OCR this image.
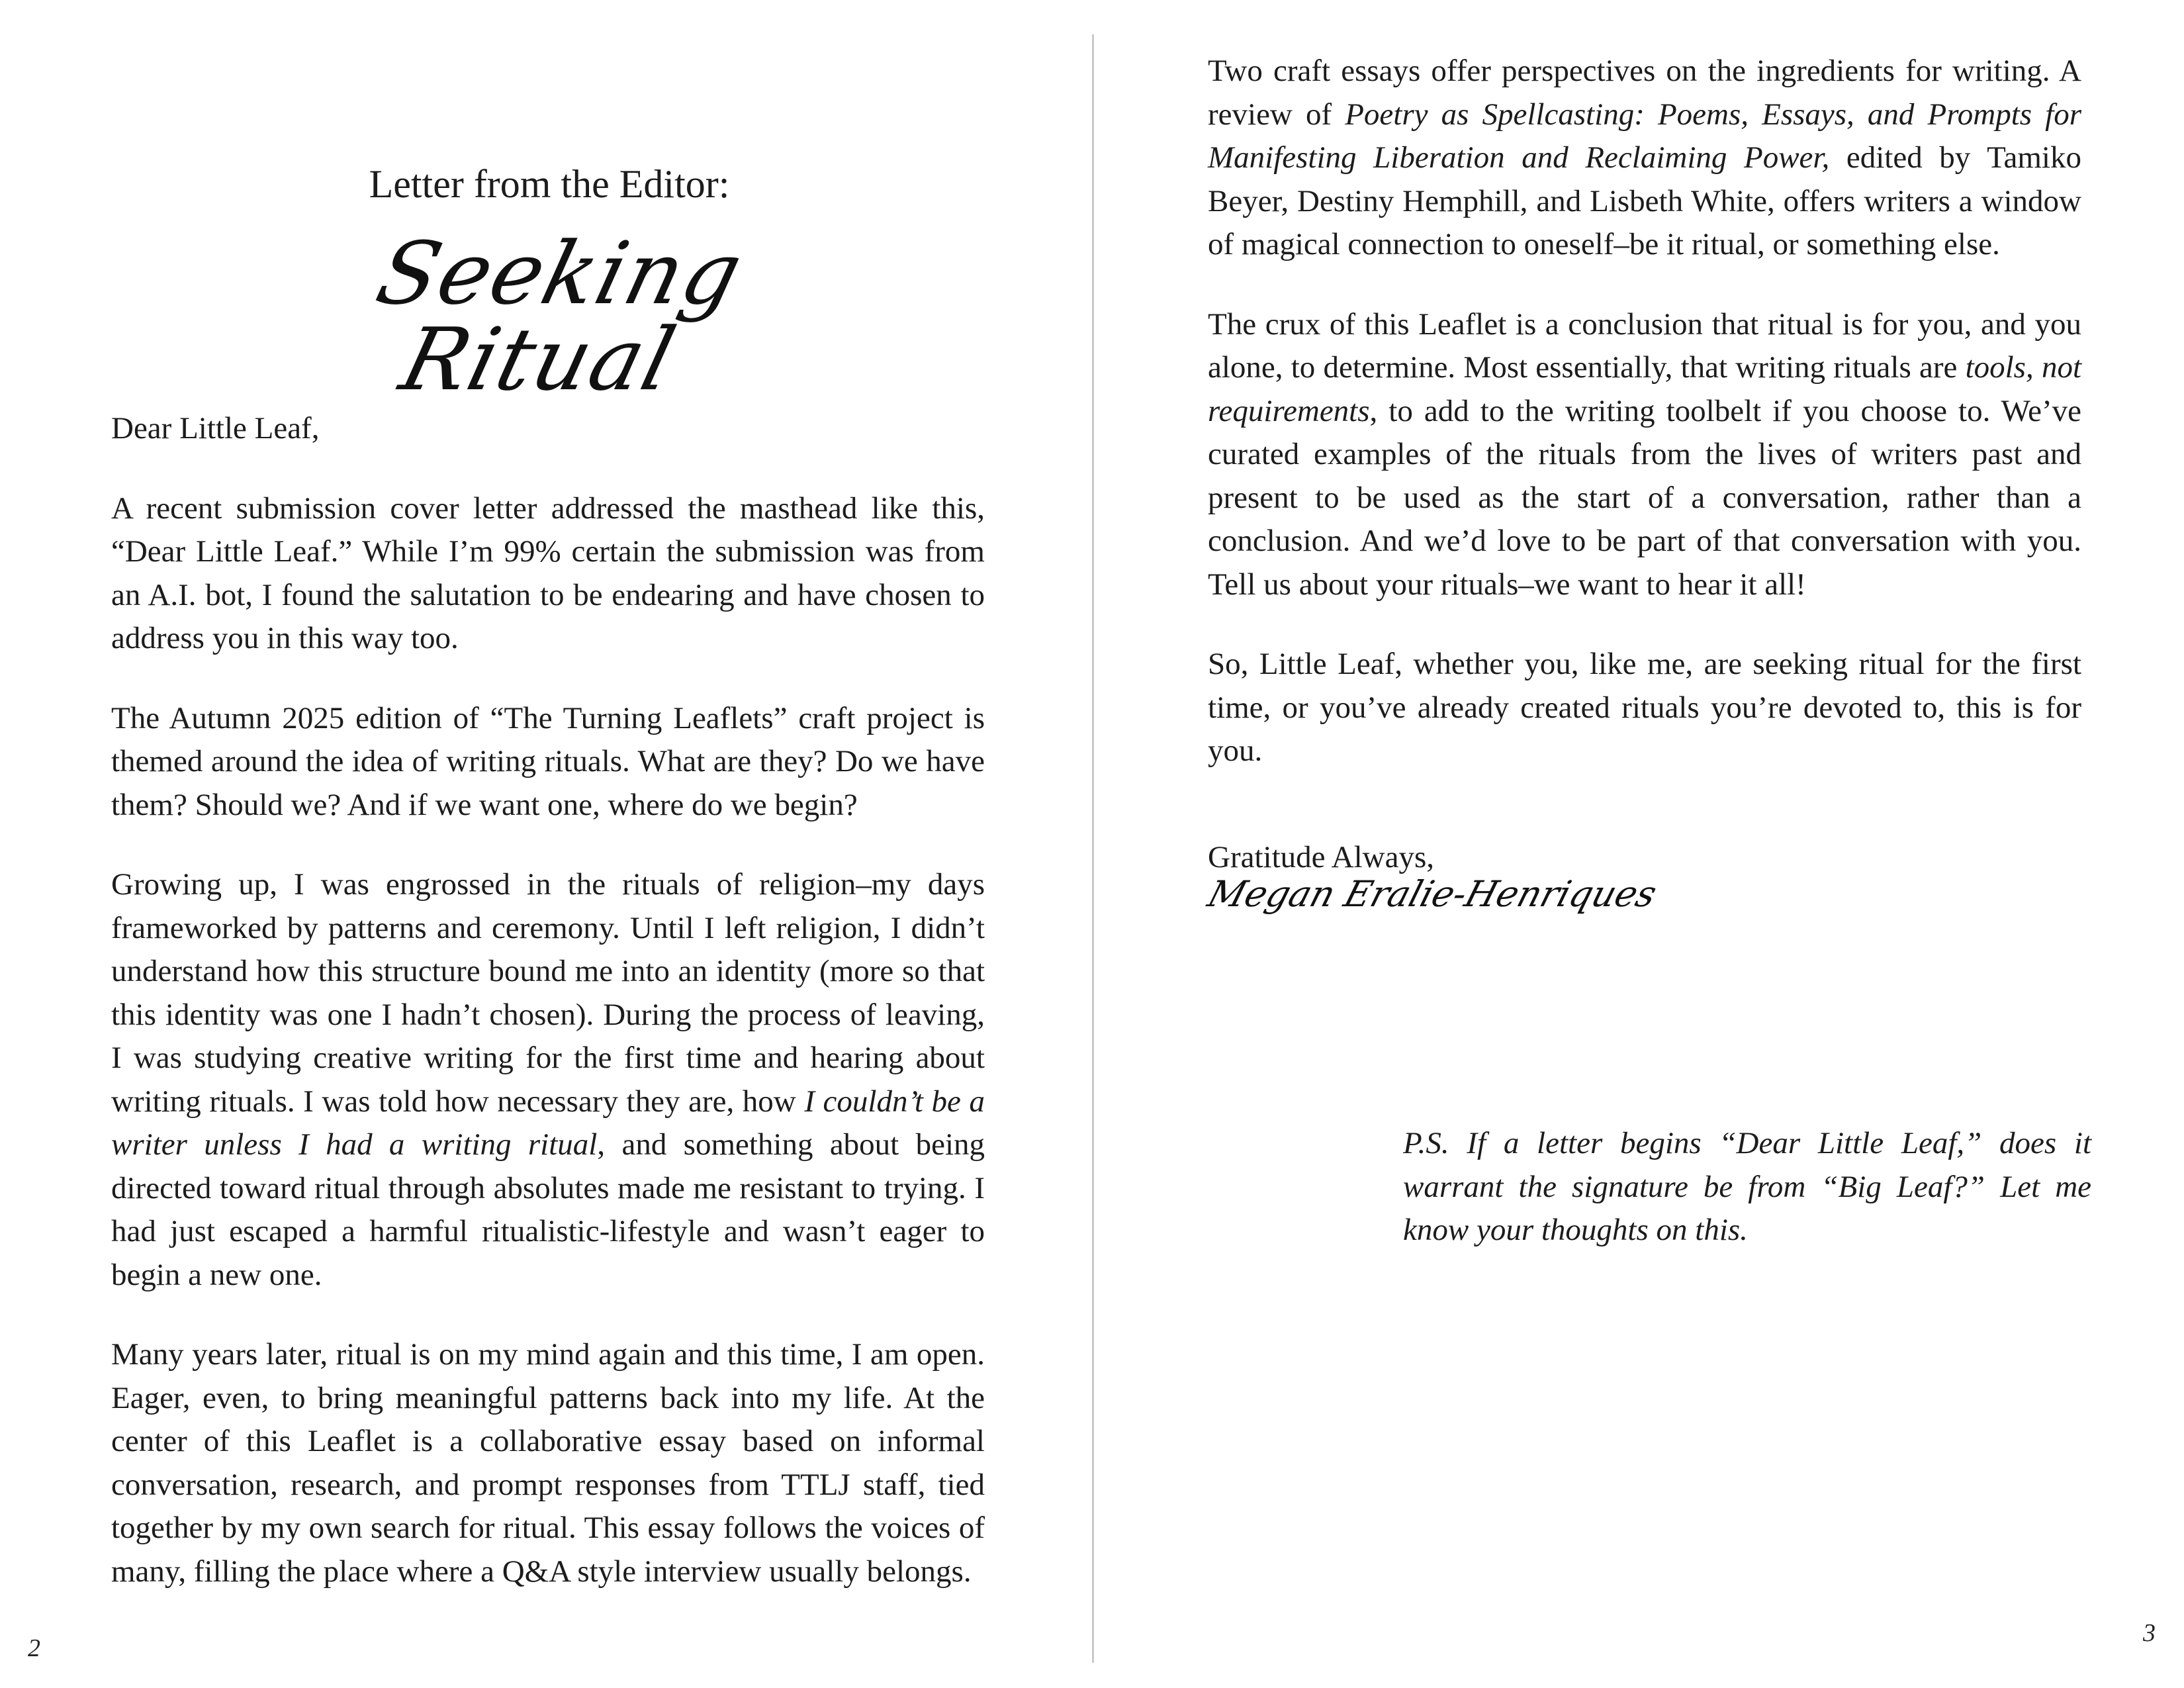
Letter from the Editor:
Seeking Ritual

Dear Little Leaf,

A recent submission cover letter addressed the masthead like this, “Dear Little Leaf.” While I’m 99% certain the submission was from an A.I. bot, I found the salutation to be endearing and have chosen to address you in this way too.

The Autumn 2025 edition of “The Turning Leaflets” craft project is themed around the idea of writing rituals. What are they? Do we have them? Should we? And if we want one, where do we begin?

Growing up, I was engrossed in the rituals of religion–my days frameworked by patterns and ceremony. Until I left religion, I didn’t understand how this structure bound me into an identity (more so that this identity was one I hadn’t chosen). During the process of leaving, I was studying creative writing for the first time and hearing about writing rituals. I was told how necessary they are, how I couldn’t be a writer unless I had a writing ritual, and something about being directed toward ritual through absolutes made me resistant to trying. I had just escaped a harmful ritualistic-lifestyle and wasn’t eager to begin a new one.

Many years later, ritual is on my mind again and this time, I am open. Eager, even, to bring meaningful patterns back into my life. At the center of this Leaflet is a collaborative essay based on informal conversation, research, and prompt responses from TTLJ staff, tied together by my own search for ritual. This essay follows the voices of many, filling the place where a Q&A style interview usually belongs.

2

Two craft essays offer perspectives on the ingredients for writing. A review of Poetry as Spellcasting: Poems, Essays, and Prompts for Manifesting Liberation and Reclaiming Power, edited by Tamiko Beyer, Destiny Hemphill, and Lisbeth White, offers writers a window of magical connection to oneself–be it ritual, or something else.

The crux of this Leaflet is a conclusion that ritual is for you, and you alone, to determine. Most essentially, that writing rituals are tools, not requirements, to add to the writing toolbelt if you choose to. We’ve curated examples of the rituals from the lives of writers past and present to be used as the start of a conversation, rather than a conclusion. And we’d love to be part of that conversation with you. Tell us about your rituals–we want to hear it all!

So, Little Leaf, whether you, like me, are seeking ritual for the first time, or you’ve already created rituals you’re devoted to, this is for you.

Gratitude Always,
Megan Eralie-Henriques

P.S. If a letter begins “Dear Little Leaf,” does it warrant the signature be from “Big Leaf?” Let me know your thoughts on this.

3
